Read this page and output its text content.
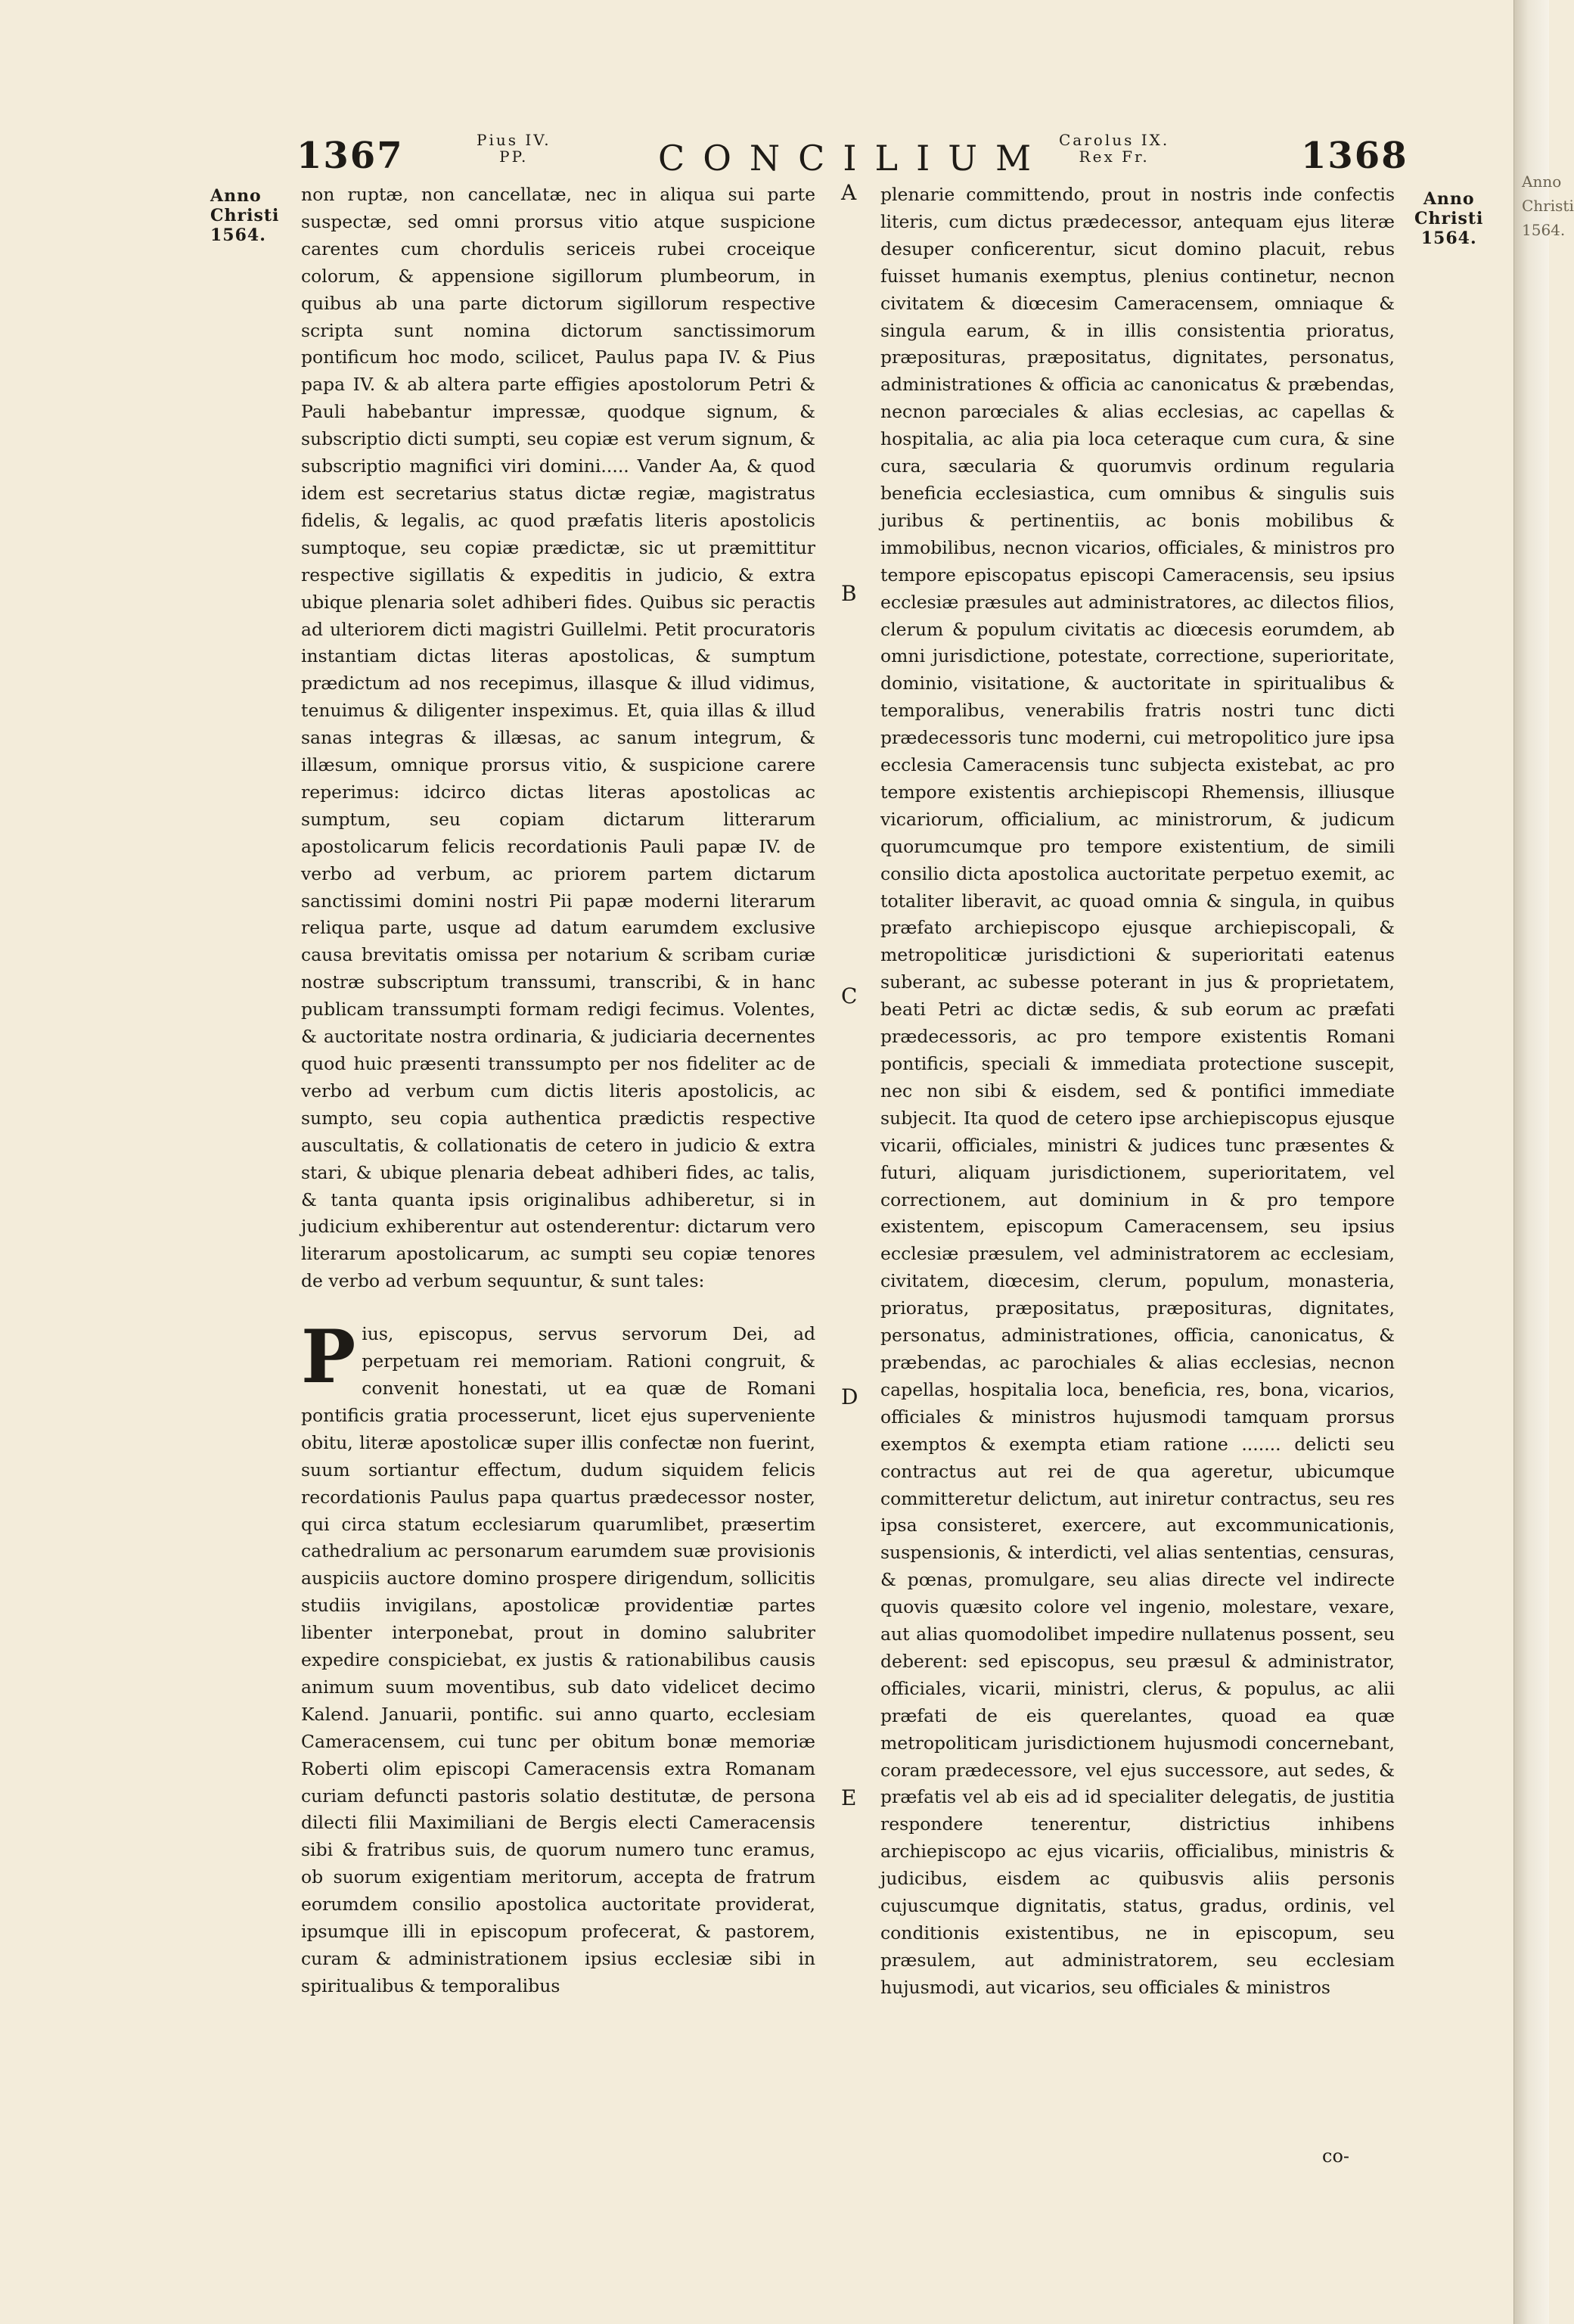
Anno
Christi
1564.
1367	Pius IV.
PP.	CONCILIUM Carolus IX.
Rex Fr.	1368
Anno
Christi
1564.
Anno
Christi
1564.
A
B
C
D
E

non ruptæ, non cancellatæ, nec in aliqua sui parte suspectæ, sed omni prorsus vitio atque suspicione carentes cum chordulis sericeis rubei croceique colorum, & appensione sigillorum plumbeorum, in quibus ab una parte dictorum sigillorum respective scripta sunt nomina dictorum sanctissimorum pontificum hoc modo, scilicet, Paulus papa IV. & Pius papa IV. & ab altera parte effigies apostolorum Petri & Pauli habebantur impressæ, quodque signum, & subscriptio dicti sumpti, seu copiæ est verum signum, & subscriptio magnifici viri domini..... Vander Aa, & quod idem est secretarius status dictæ regiæ, magistratus fidelis, & legalis, ac quod præfatis literis apostolicis sumptoque, seu copiæ prædictæ, sic ut præmittitur respective sigillatis & expeditis in judicio, & extra ubique plenaria solet adhiberi fides. Quibus sic peractis ad ulteriorem dicti magistri Guillelmi. Petit procuratoris instantiam dictas literas apostolicas, & sumptum prædictum ad nos recepimus, illasque & illud vidimus, tenuimus & diligenter inspeximus. Et, quia illas & illud sanas integras & illæsas, ac sanum integrum, & illæsum, omnique prorsus vitio, & suspicione carere reperimus: idcirco dictas literas apostolicas ac sumptum, seu copiam dictarum litterarum apostolicarum felicis recordationis Pauli papæ IV. de verbo ad verbum, ac priorem partem dictarum sanctissimi domini nostri Pii papæ moderni literarum reliqua parte, usque ad datum earumdem exclusive causa brevitatis omissa per notarium & scribam curiæ nostræ subscriptum transsumi, transcribi, & in hanc publicam transsumpti formam redigi fecimus. Volentes, & auctoritate nostra ordinaria, & judiciaria decernentes quod huic præsenti transsumpto per nos fideliter ac de verbo ad verbum cum dictis literis apostolicis, ac sumpto, seu copia authentica prædictis respective auscultatis, & collationatis de cetero in judicio & extra stari, & ubique plenaria debeat adhiberi fides, ac talis, & tanta quanta ipsis originalibus adhiberetur, si in judicium exhiberentur aut ostenderentur: dictarum vero literarum apostolicarum, ac sumpti seu copiæ tenores de verbo ad verbum sequuntur, & sunt tales:

Pius, episcopus, servus servorum Dei, ad perpetuam rei memoriam. Rationi congruit, & convenit honestati, ut ea quæ de Romani pontificis gratia processerunt, licet ejus superveniente obitu, literæ apostolicæ super illis confectæ non fuerint, suum sortiantur effectum, dudum siquidem felicis recordationis Paulus papa quartus prædecessor noster, qui circa statum ecclesiarum quarumlibet, præsertim cathedralium ac personarum earumdem suæ provisionis auspiciis auctore domino prospere dirigendum, sollicitis studiis invigilans, apostolicæ providentiæ partes libenter interponebat, prout in domino salubriter expedire conspiciebat, ex justis & rationabilibus causis animum suum moventibus, sub dato videlicet decimo Kalend. Januarii, pontific. sui anno quarto, ecclesiam Cameracensem, cui tunc per obitum bonæ memoriæ Roberti olim episcopi Cameracensis extra Romanam curiam defuncti pastoris solatio destitutæ, de persona dilecti filii Maximiliani de Bergis electi Cameracensis sibi & fratribus suis, de quorum numero tunc eramus, ob suorum exigentiam meritorum, accepta de fratrum eorumdem consilio apostolica auctoritate providerat, ipsumque illi in episcopum profecerat, & pastorem, curam & administrationem ipsius ecclesiæ sibi in spiritualibus & temporalibus

plenarie committendo, prout in nostris inde confectis literis, cum dictus prædecessor, antequam ejus literæ desuper conficerentur, sicut domino placuit, rebus fuisset humanis exemptus, plenius continetur, necnon civitatem & diœcesim Cameracensem, omniaque & singula earum, & in illis consistentia prioratus, præposituras, præpositatus, dignitates, personatus, administrationes & officia ac canonicatus & præbendas, necnon parœciales & alias ecclesias, ac capellas & hospitalia, ac alia pia loca ceteraque cum cura, & sine cura, sæcularia & quorumvis ordinum regularia beneficia ecclesiastica, cum omnibus & singulis suis juribus & pertinentiis, ac bonis mobilibus & immobilibus, necnon vicarios, officiales, & ministros pro tempore episcopatus episcopi Cameracensis, seu ipsius ecclesiæ præsules aut administratores, ac dilectos filios, clerum & populum civitatis ac diœcesis eorumdem, ab omni jurisdictione, potestate, correctione, superioritate, dominio, visitatione, & auctoritate in spiritualibus & temporalibus, venerabilis fratris nostri tunc dicti prædecessoris tunc moderni, cui metropolitico jure ipsa ecclesia Cameracensis tunc subjecta existebat, ac pro tempore existentis archiepiscopi Rhemensis, illiusque vicariorum, officialium, ac ministrorum, & judicum quorumcumque pro tempore existentium, de simili consilio dicta apostolica auctoritate perpetuo exemit, ac totaliter liberavit, ac quoad omnia & singula, in quibus præfato archiepiscopo ejusque archiepiscopali, & metropoliticæ jurisdictioni & superioritati eatenus suberant, ac subesse poterant in jus & proprietatem, beati Petri ac dictæ sedis, & sub eorum ac præfati prædecessoris, ac pro tempore existentis Romani pontificis, speciali & immediata protectione suscepit, nec non sibi & eisdem, sed & pontifici immediate subjecit. Ita quod de cetero ipse archiepiscopus ejusque vicarii, officiales, ministri & judices tunc præsentes & futuri, aliquam jurisdictionem, superioritatem, vel correctionem, aut dominium in & pro tempore existentem, episcopum Cameracensem, seu ipsius ecclesiæ præsulem, vel administratorem ac ecclesiam, civitatem, diœcesim, clerum, populum, monasteria, prioratus, præpositatus, præposituras, dignitates, personatus, administrationes, officia, canonicatus, & præbendas, ac parochiales & alias ecclesias, necnon capellas, hospitalia loca, beneficia, res, bona, vicarios, officiales & ministros hujusmodi tamquam prorsus exemptos & exempta etiam ratione ....... delicti seu contractus aut rei de qua ageretur, ubicumque committeretur delictum, aut iniretur contractus, seu res ipsa consisteret, exercere, aut excommunicationis, suspensionis, & interdicti, vel alias sententias, censuras, & pœnas, promulgare, seu alias directe vel indirecte quovis quæsito colore vel ingenio, molestare, vexare, aut alias quomodolibet impedire nullatenus possent, seu deberent: sed episcopus, seu præsul & administrator, officiales, vicarii, ministri, clerus, & populus, ac alii præfati de eis querelantes, quoad ea quæ metropoliticam jurisdictionem hujusmodi concernebant, coram prædecessore, vel ejus successore, aut sedes, & præfatis vel ab eis ad id specialiter delegatis, de justitia respondere tenerentur, districtius inhibens archiepiscopo ac ejus vicariis, officialibus, ministris & judicibus, eisdem ac quibusvis aliis personis cujuscumque dignitatis, status, gradus, ordinis, vel conditionis existentibus, ne in episcopum, seu præsulem, aut administratorem, seu ecclesiam hujusmodi, aut vicarios, seu officiales & ministros

co-
